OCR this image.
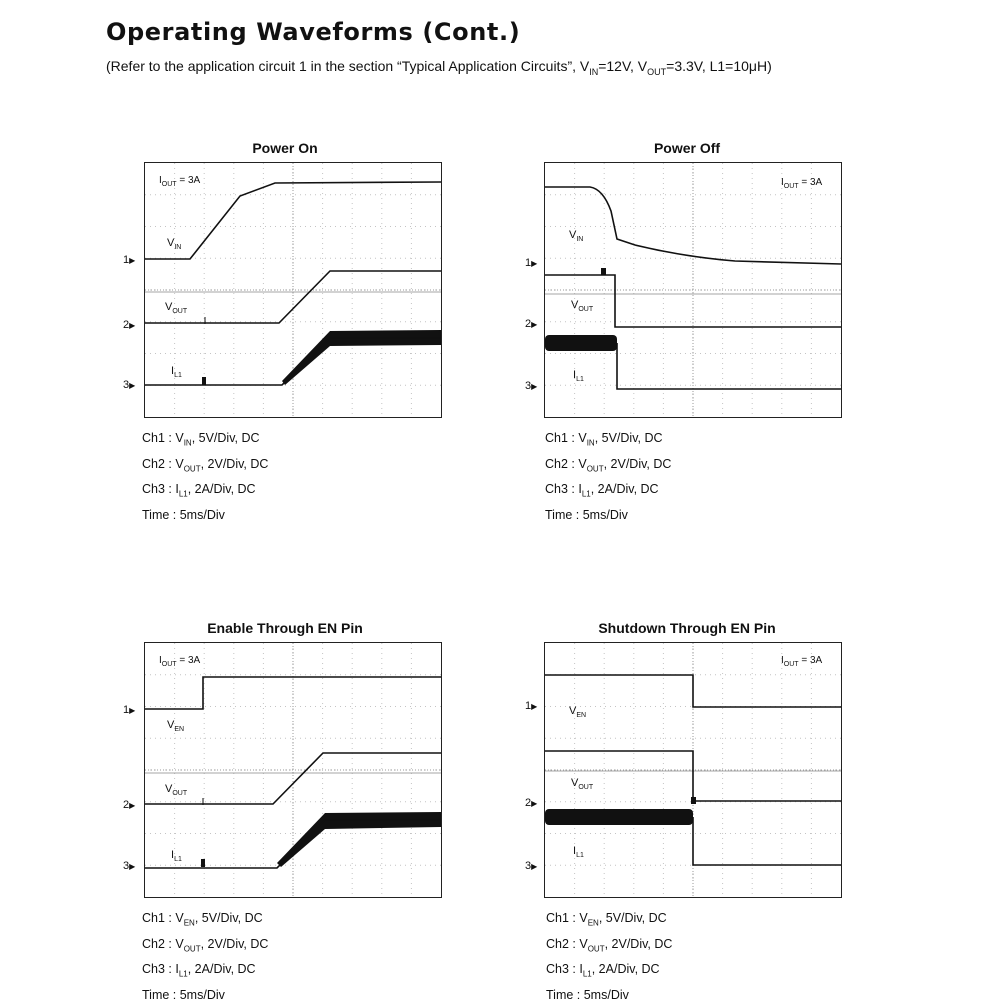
Operating Waveforms (Cont.)
(Refer to the application circuit 1 in the section “Typical Application Circuits”, $V_{IN}=12V$, $V_{OUT}=3.3V$, L1=10μH)
Power On
1▶
2▶
3▶
$I_{OUT} = 3A$
$V_{IN}$
$V_{OUT}$
$I_{L1}$
Ch1 : $V_{IN}$, 5V/Div, DC
Ch2 : $V_{OUT}$, 2V/Div, DC
Ch3 : $I_{L1}$, 2A/Div, DC
Time : 5ms/Div
Power Off
1▶
2▶
3▶
$I_{OUT} = 3A$
$V_{IN}$
$V_{OUT}$
$I_{L1}$
Ch1 : $V_{IN}$, 5V/Div, DC
Ch2 : $V_{OUT}$, 2V/Div, DC
Ch3 : $I_{L1}$, 2A/Div, DC
Time : 5ms/Div
Enable Through EN Pin
1▶
2▶
3▶
$I_{OUT} = 3A$
$V_{EN}$
$V_{OUT}$
$I_{L1}$
Ch1 : $V_{EN}$, 5V/Div, DC
Ch2 : $V_{OUT}$, 2V/Div, DC
Ch3 : $I_{L1}$, 2A/Div, DC
Time : 5ms/Div
Shutdown Through EN Pin
1▶
2▶
3▶
$I_{OUT} = 3A$
$V_{EN}$
$V_{OUT}$
$I_{L1}$
Ch1 : $V_{EN}$, 5V/Div, DC
Ch2 : $V_{OUT}$, 2V/Div, DC
Ch3 : $I_{L1}$, 2A/Div, DC
Time : 5ms/Div
